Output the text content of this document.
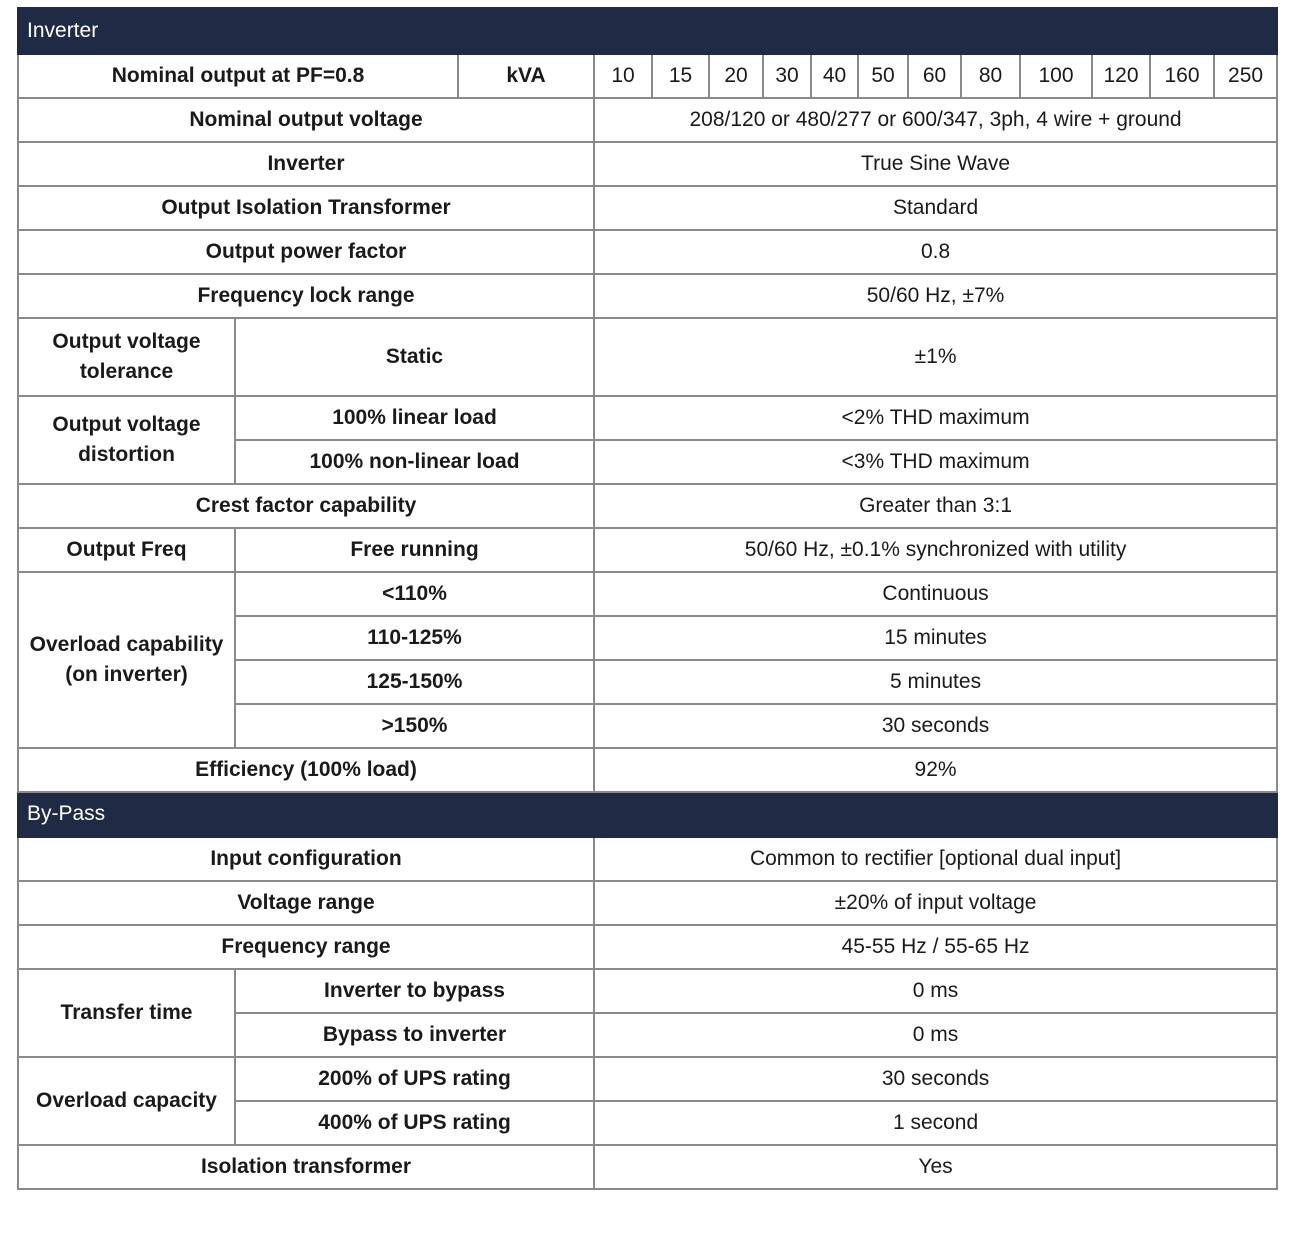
Inverter														
Nominal output at PF=0.8		kVA	10	15	20	30	40	50	60	80	100	120	160	250
Nominal output voltage			208/120 or 480/277 or 600/347, 3ph, 4 wire + ground											
Inverter			True Sine Wave											
Output Isolation Transformer			Standard											
Output power factor			0.8											
Frequency lock range			50/60 Hz, ±7%											
Output voltage tolerance	Static		±1%											
Output voltage distortion	100% linear load		<2% THD maximum											
	100% non-linear load		<3% THD maximum											
Crest factor capability			Greater than 3:1											
Output Freq	Free running		50/60 Hz, ±0.1% synchronized with utility											
Overload capability (on inverter)	<110%		Continuous											
	110-125%		15 minutes											
	125-150%		5 minutes											
	>150%		30 seconds											
Efficiency (100% load)			92%											
By-Pass														
Input configuration			Common to rectifier [optional dual input]											
Voltage range			±20% of input voltage											
Frequency range			45-55 Hz / 55-65 Hz											
Transfer time	Inverter to bypass		0 ms											
	Bypass to inverter		0 ms											
Overload capacity	200% of UPS rating		30 seconds											
	400% of UPS rating		1 second											
Isolation transformer			Yes											
